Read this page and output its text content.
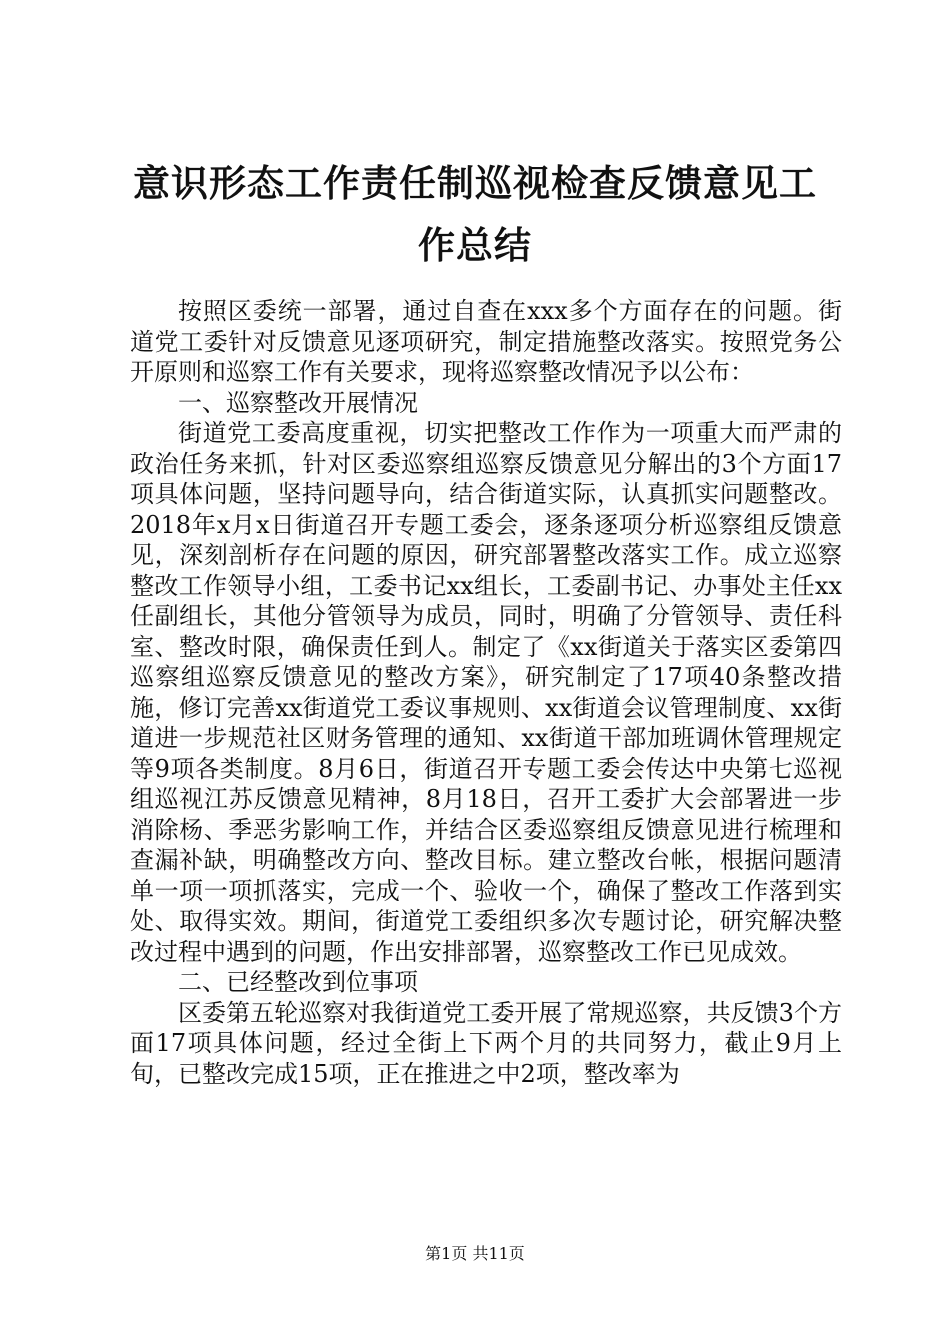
意识形态工作责任制巡视检查反馈意见工作总结

按照区委统一部署，通过自查在xxx多个方面存在的问题。街道党工委针对反馈意见逐项研究，制定措施整改落实。按照党务公开原则和巡察工作有关要求，现将巡察整改情况予以公布：

一、巡察整改开展情况

街道党工委高度重视，切实把整改工作作为一项重大而严肃的政治任务来抓，针对区委巡察组巡察反馈意见分解出的3个方面17项具体问题，坚持问题导向，结合街道实际，认真抓实问题整改。2018年x月x日街道召开专题工委会，逐条逐项分析巡察组反馈意见，深刻剖析存在问题的原因，研究部署整改落实工作。成立巡察整改工作领导小组，工委书记xx组长，工委副书记、办事处主任xx任副组长，其他分管领导为成员，同时，明确了分管领导、责任科室、整改时限，确保责任到人。制定了《xx街道关于落实区委第四巡察组巡察反馈意见的整改方案》，研究制定了17项40条整改措施，修订完善xx街道党工委议事规则、xx街道会议管理制度、xx街道进一步规范社区财务管理的通知、xx街道干部加班调休管理规定等9项各类制度。8月6日，街道召开专题工委会传达中央第七巡视组巡视江苏反馈意见精神，8月18日，召开工委扩大会部署进一步消除杨、季恶劣影响工作，并结合区委巡察组反馈意见进行梳理和查漏补缺，明确整改方向、整改目标。建立整改台帐，根据问题清单一项一项抓落实，完成一个、验收一个，确保了整改工作落到实处、取得实效。期间，街道党工委组织多次专题讨论，研究解决整改过程中遇到的问题，作出安排部署，巡察整改工作已见成效。

二、已经整改到位事项

区委第五轮巡察对我街道党工委开展了常规巡察，共反馈3个方面17项具体问题，经过全街上下两个月的共同努力，截止9月上旬，已整改完成15项，正在推进之中2项，整改率为

第1页 共11页
